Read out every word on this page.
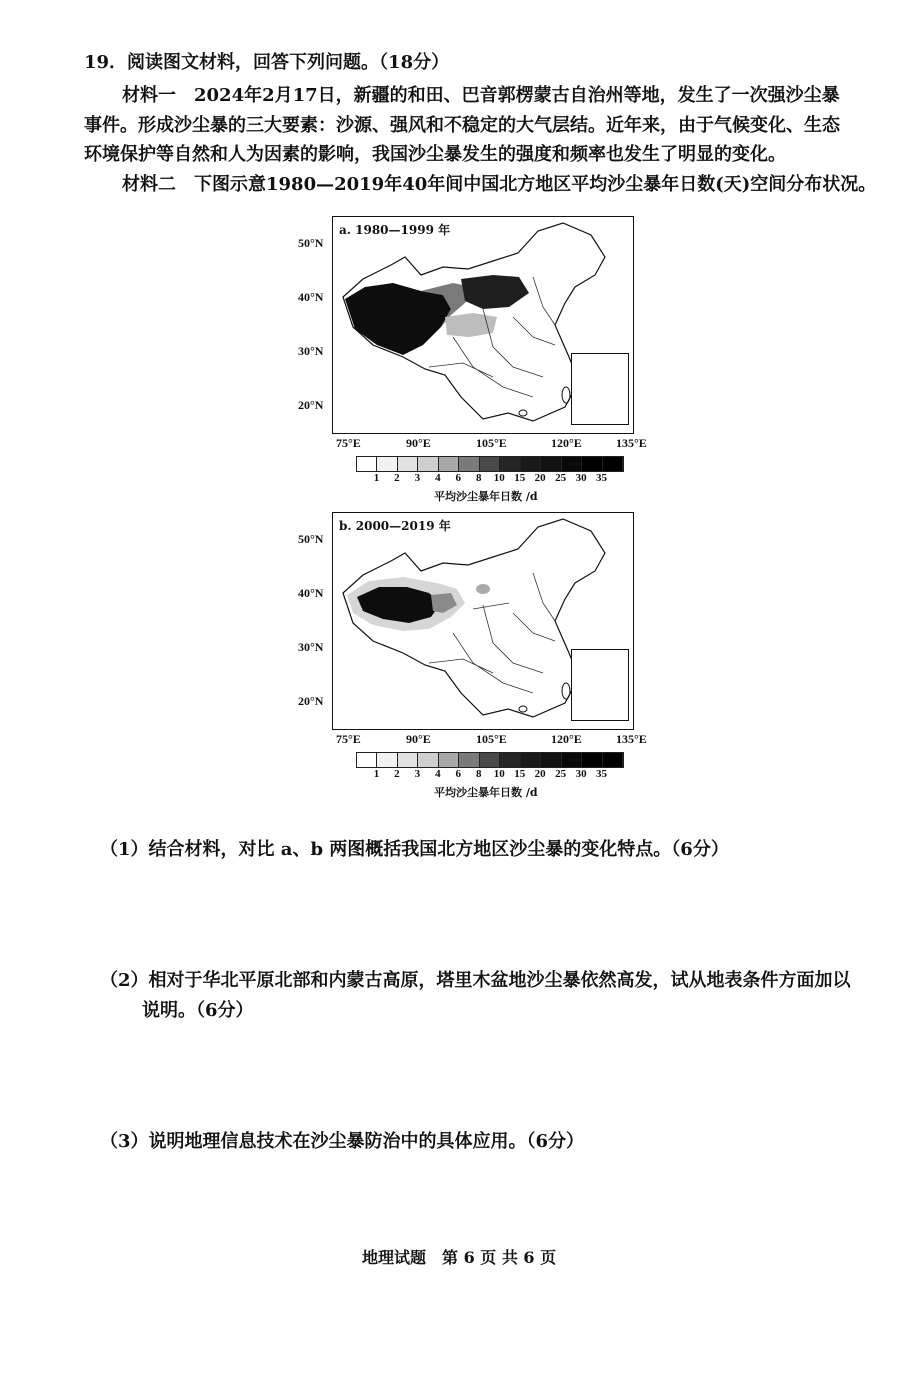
19．阅读图文材料，回答下列问题。（18分）
材料一　2024年2月17日，新疆的和田、巴音郭楞蒙古自治州等地，发生了一次强沙尘暴
事件。形成沙尘暴的三大要素：沙源、强风和不稳定的大气层结。近年来，由于气候变化、生态
环境保护等自然和人为因素的影响，我国沙尘暴发生的强度和频率也发生了明显的变化。
材料二　下图示意1980—2019年40年间中国北方地区平均沙尘暴年日数(天)空间分布状况。
a. 1980—1999 年
50°N
40°N
30°N
20°N
75°E	90°E	105°E	120°E	135°E
1 2 3 4 6 8 10 15 20 25 30 35
平均沙尘暴年日数 /d
b. 2000—2019 年
50°N
40°N
30°N
20°N
75°E	90°E	105°E	120°E	135°E
1 2 3 4 6 8 10 15 20 25 30 35
平均沙尘暴年日数 /d
（1）结合材料，对比 a、b 两图概括我国北方地区沙尘暴的变化特点。（6分）
（2）相对于华北平原北部和内蒙古高原，塔里木盆地沙尘暴依然高发，试从地表条件方面加以
说明。（6分）
（3）说明地理信息技术在沙尘暴防治中的具体应用。（6分）
地理试题　第 6 页 共 6 页
